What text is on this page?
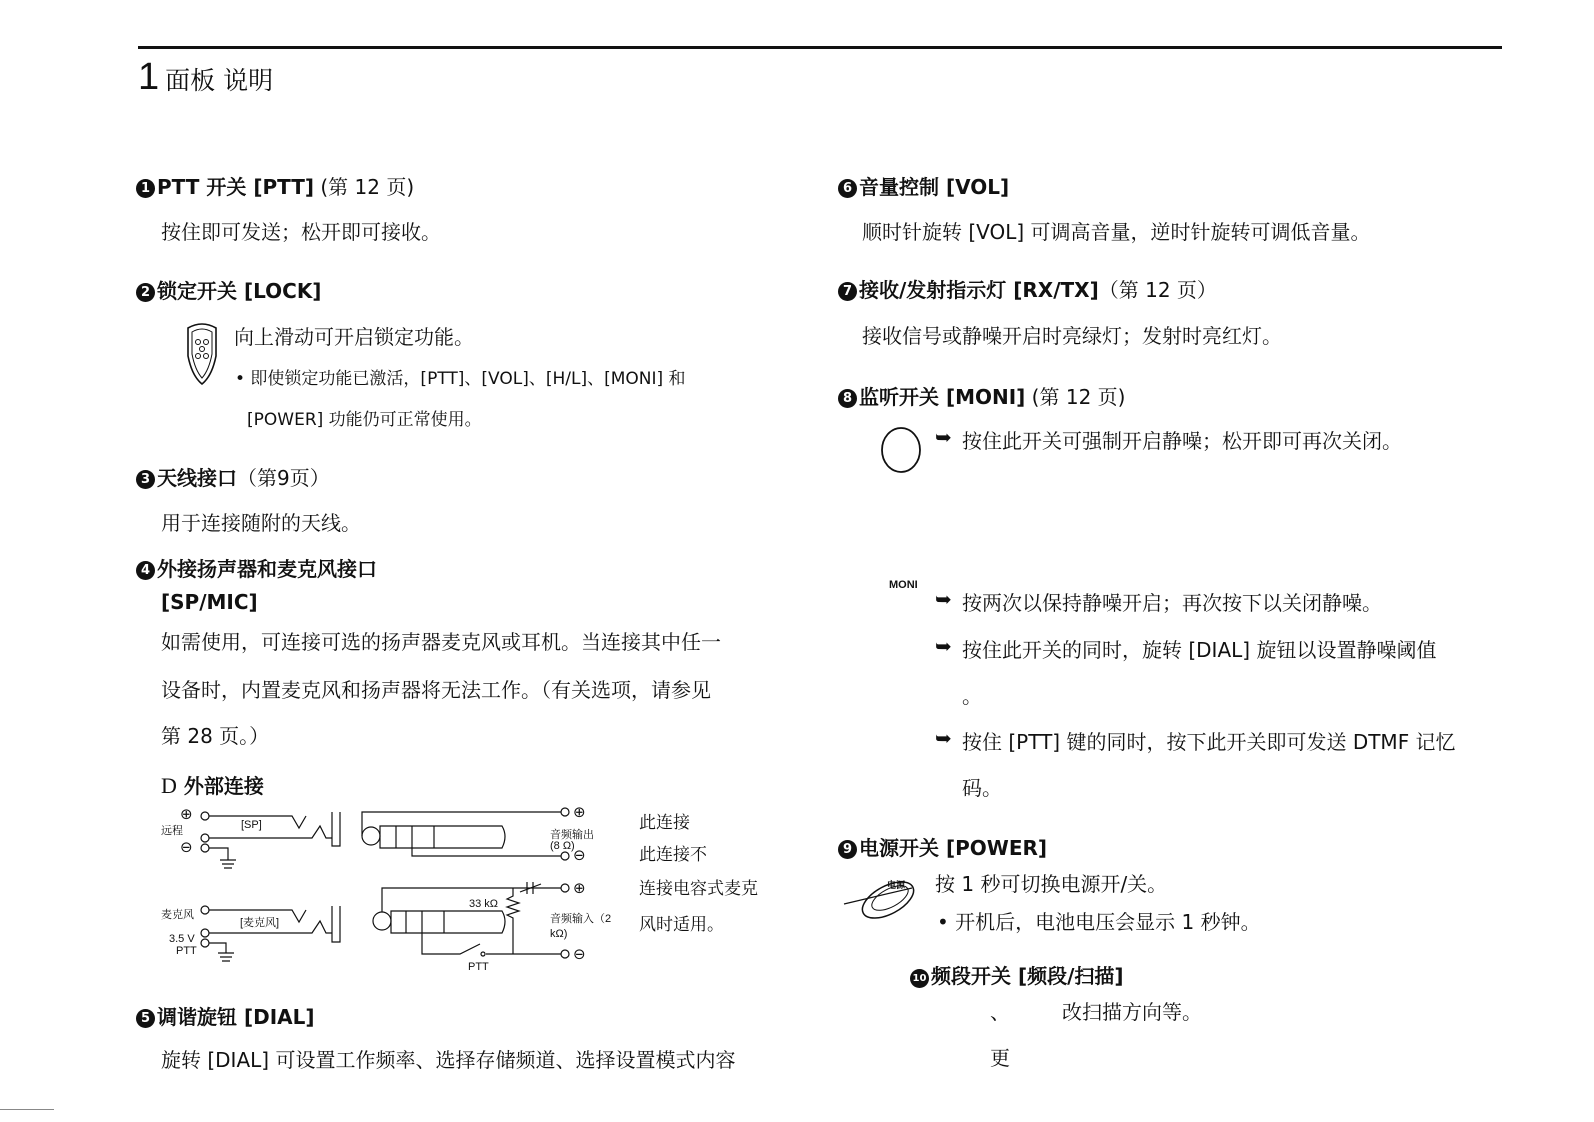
1 面板 说明
1 PTT 开关 [PTT] (第 12 页)
按住即可发送；松开即可接收。
2 锁定开关 [LOCK]
向上滑动可开启锁定功能。
• 即使锁定功能已激活，[PTT]、[VOL]、[H/L]、[MONI] 和
[POWER] 功能仍可正常使用。
3 天线接口（第9页）
用于连接随附的天线。
4 外接扬声器和麦克风接口
[SP/MIC]
如需使用，可连接可选的扬声器麦克风或耳机。当连接其中任一
设备时，内置麦克风和扬声器将无法工作。（有关选项，请参见
第 28 页。）
D 外部连接
⊕
远程
⊖
[SP]
⊕
音频输出
(8 Ω)
⊖
麦克风
[麦克风]
3.5 V
PTT
33 kΩ
⊕
音频输入（2
kΩ)
⊖
PTT
此连接
此连接不
连接电容式麦克
风时适用。
5 调谐旋钮 [DIAL]
旋转 [DIAL] 可设置工作频率、选择存储频道、选择设置模式内容
6 音量控制 [VOL]
顺时针旋转 [VOL] 可调高音量，逆时针旋转可调低音量。
7 接收/发射指示灯 [RX/TX]（第 12 页）
接收信号或静噪开启时亮绿灯；发射时亮红灯。
8 监听开关 [MONI] (第 12 页)
➥ 按住此开关可强制开启静噪；松开即可再次关闭。
MONI
➥ 按两次以保持静噪开启；再次按下以关闭静噪。
➥ 按住此开关的同时，旋转 [DIAL] 旋钮以设置静噪阈值
。
➥ 按住 [PTT] 键的同时，按下此开关即可发送 DTMF 记忆
码。
9 电源开关 [POWER]
电源 按 1 秒可切换电源开/关。
• 开机后，电池电压会显示 1 秒钟。
10 频段开关 [频段/扫描]
、	改扫描方向等。
更
